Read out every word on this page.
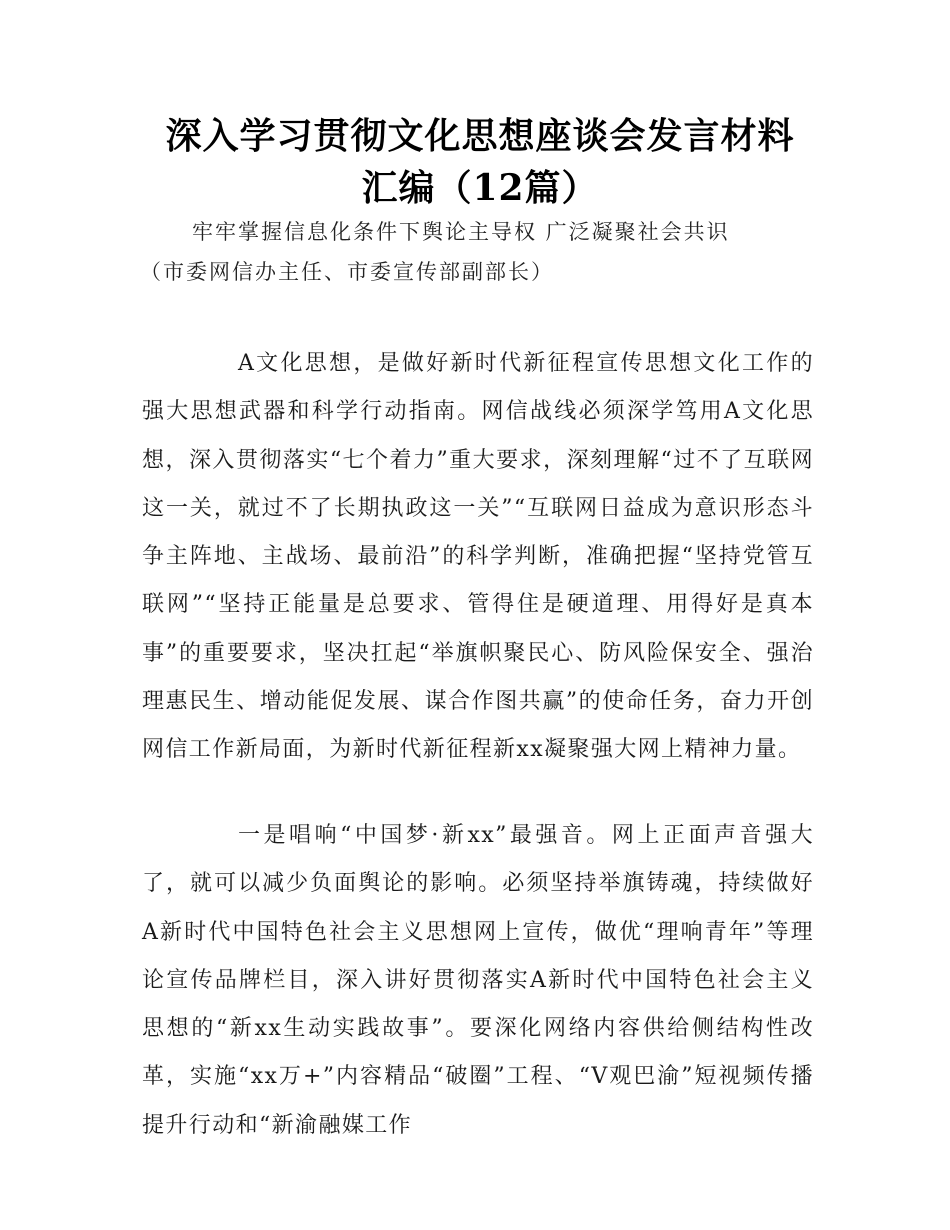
深入学习贯彻文化思想座谈会发言材料汇编（12篇）
牢牢掌握信息化条件下舆论主导权 广泛凝聚社会共识
（市委网信办主任、市委宣传部副部长）

A文化思想，是做好新时代新征程宣传思想文化工作的强大思想武器和科学行动指南。网信战线必须深学笃用A文化思想，深入贯彻落实“七个着力”重大要求，深刻理解“过不了互联网这一关，就过不了长期执政这一关”“互联网日益成为意识形态斗争主阵地、主战场、最前沿”的科学判断，准确把握“坚持党管互联网”“坚持正能量是总要求、管得住是硬道理、用得好是真本事”的重要要求，坚决扛起“举旗帜聚民心、防风险保安全、强治理惠民生、增动能促发展、谋合作图共赢”的使命任务，奋力开创网信工作新局面，为新时代新征程新xx凝聚强大网上精神力量。

一是唱响“中国梦·新xx”最强音。网上正面声音强大了，就可以减少负面舆论的影响。必须坚持举旗铸魂，持续做好A新时代中国特色社会主义思想网上宣传，做优“理响青年”等理论宣传品牌栏目，深入讲好贯彻落实A新时代中国特色社会主义思想的“新xx生动实践故事”。要深化网络内容供给侧结构性改革，实施“xx万+”内容精品“破圈”工程、“V观巴渝”短视频传播提升行动和“新渝融媒工作
